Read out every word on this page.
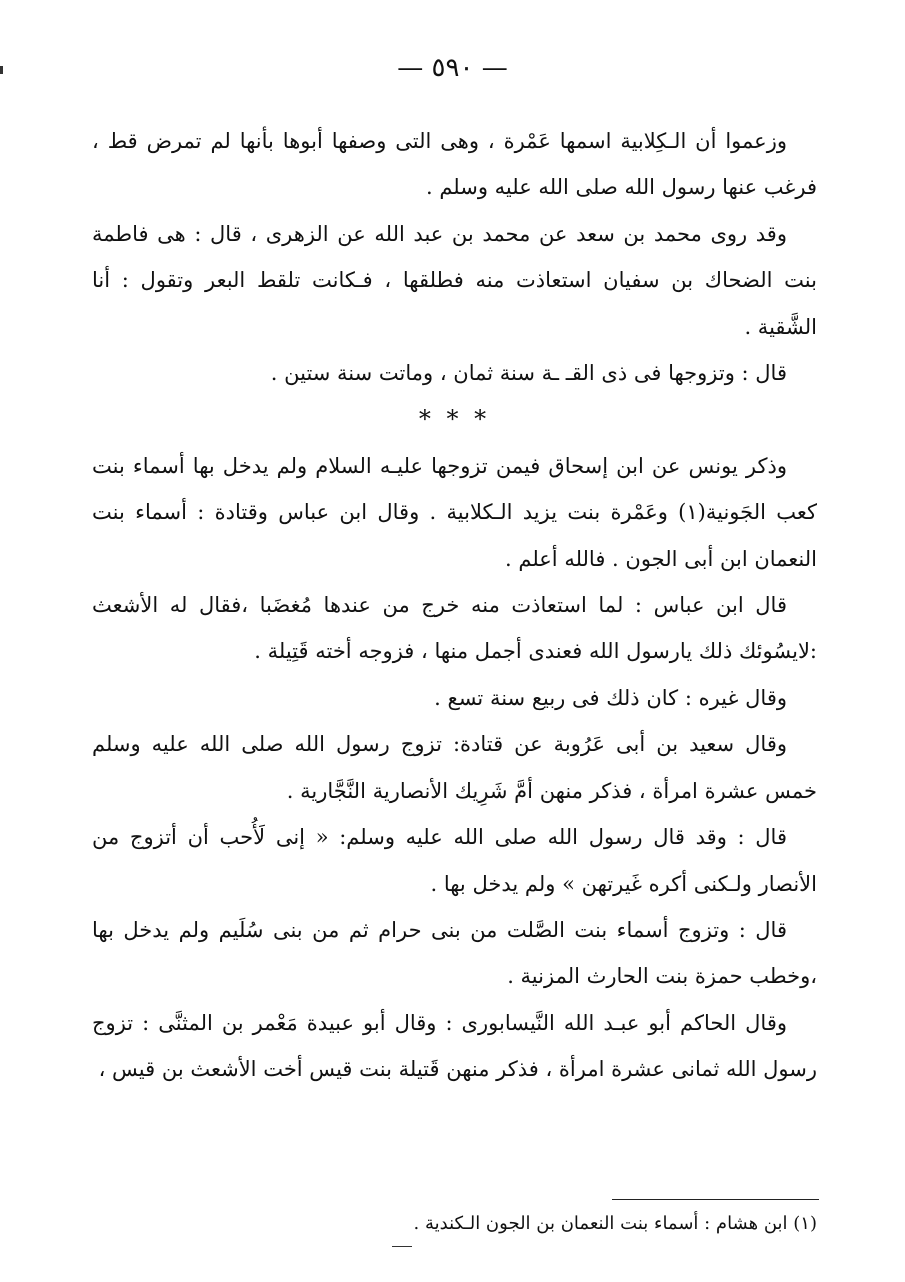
— ٥٩٠ —

وزعموا أن الـكِلابية اسمها عَمْرة ، وهى التى وصفها أبوها بأنها لم تمرض قط ، فرغب عنها رسول الله صلى الله عليه وسلم .

وقد روى محمد بن سعد عن محمد بن عبد الله عن الزهرى ، قال : هى فاطمة بنت الضحاك بن سفيان استعاذت منه فطلقها ، فـكانت تلقط البعر وتقول : أنا الشَّقية .

قال : وتزوجها فى ذى القـ ـة سنة ثمان ، وماتت سنة ستين .

* * *

وذكر يونس عن ابن إسحاق فيمن تزوجها عليـه السلام ولم يدخل بها أسماء بنت كعب الجَونية(١) وعَمْرة بنت يزيد الـكلابية . وقال ابن عباس وقتادة : أسماء بنت النعمان ابن أبى الجون . فالله أعلم .

قال ابن عباس : لما استعاذت منه خرج من عندها مُغضَبا ،فقال له الأشعث :لايسُوئك ذلك يارسول الله فعندى أجمل منها ، فزوجه أخته قَتِيلة .

وقال غيره : كان ذلك فى ربيع سنة تسع .

وقال سعيد بن أبى عَرُوبة عن قتادة: تزوج رسول الله صلى الله عليه وسلم خمس عشرة امرأة ، فذكر منهن أمَّ شَرِيك الأنصارية النَّجَّارية .

قال : وقد قال رسول الله صلى الله عليه وسلم: « إنى لَأُحب أن أتزوج من الأنصار ولـكنى أكره غَيرتهن » ولم يدخل بها .

قال : وتزوج أسماء بنت الصَّلت من بنى حرام ثم من بنى سُلَيم ولم يدخل بها ،وخطب حمزة بنت الحارث المزنية .

وقال الحاكم أبو عبـد الله النَّيسابورى : وقال أبو عبيدة مَعْمر بن المثنَّى : تزوج رسول الله ثمانى عشرة امرأة ، فذكر منهن قَتيلة بنت قيس أخت الأشعث بن قيس ،

(١) ابن هشام : أسماء بنت النعمان بن الجون الـكندية .
